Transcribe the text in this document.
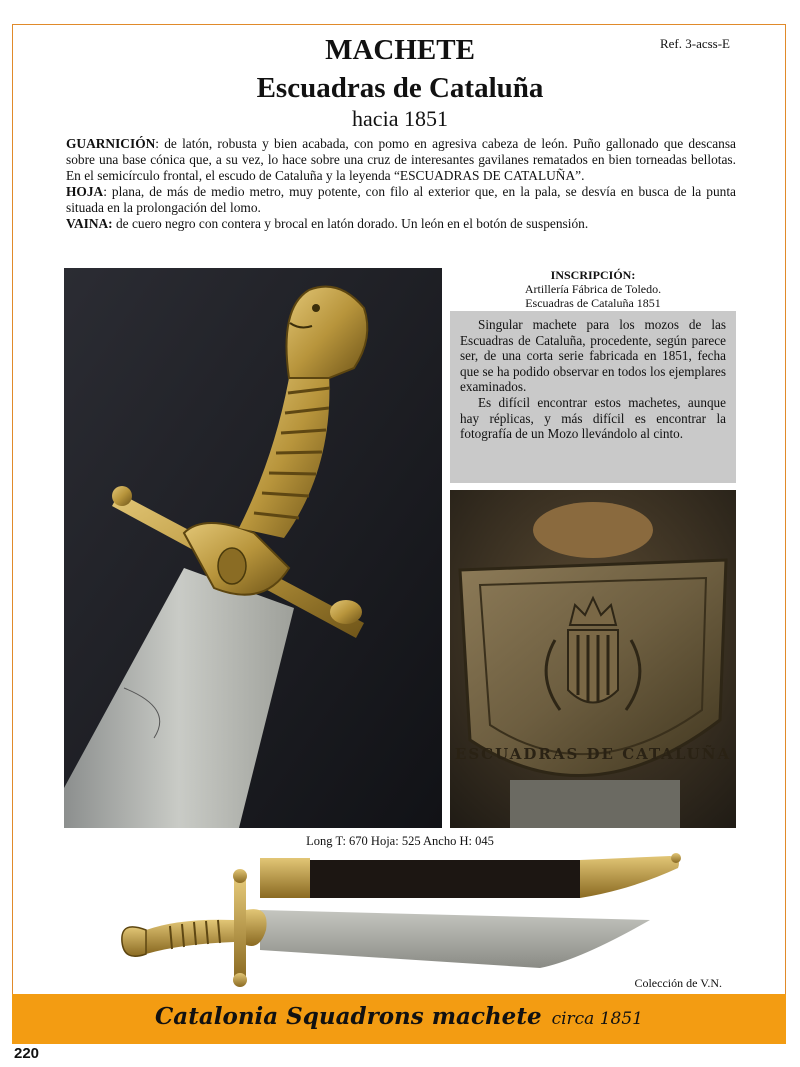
Ref. 3-acss-E
MACHETE
Escuadras de Cataluña
hacia 1851

GUARNICIÓN: de latón, robusta y bien acabada, con pomo en agresiva cabeza de león. Puño gallonado que descansa sobre una base cónica que, a su vez, lo hace sobre una cruz de interesantes gavilanes rematados en bien torneadas bellotas. En el semicírculo frontal, el escudo de Cataluña y la leyenda “ESCUADRAS DE CATALUÑA”.

HOJA: plana, de más de medio metro, muy potente, con filo al exterior que, en la pala, se desvía en busca de la punta situada en la prolongación del lomo.

VAINA: de cuero negro con contera y brocal en latón dorado. Un león en el botón de suspensión.

INSCRIPCIÓN:
Artillería Fábrica de Toledo.
Escuadras de Cataluña 1851

Singular machete para los mozos de las Escuadras de Cataluña, procedente, según parece ser, de una corta serie fabricada en 1851, fecha que se ha podido observar en todos los ejemplares examinados.

Es difícil encontrar estos machetes, aunque hay réplicas, y más difícil es encontrar la fotografía de un Mozo llevándolo al cinto.

ESCUADRAS DE CATALUÑA
Long T: 670 Hoja: 525 Ancho H: 045
Colección de V.N.
Catalonia Squadrons machete circa 1851
220
